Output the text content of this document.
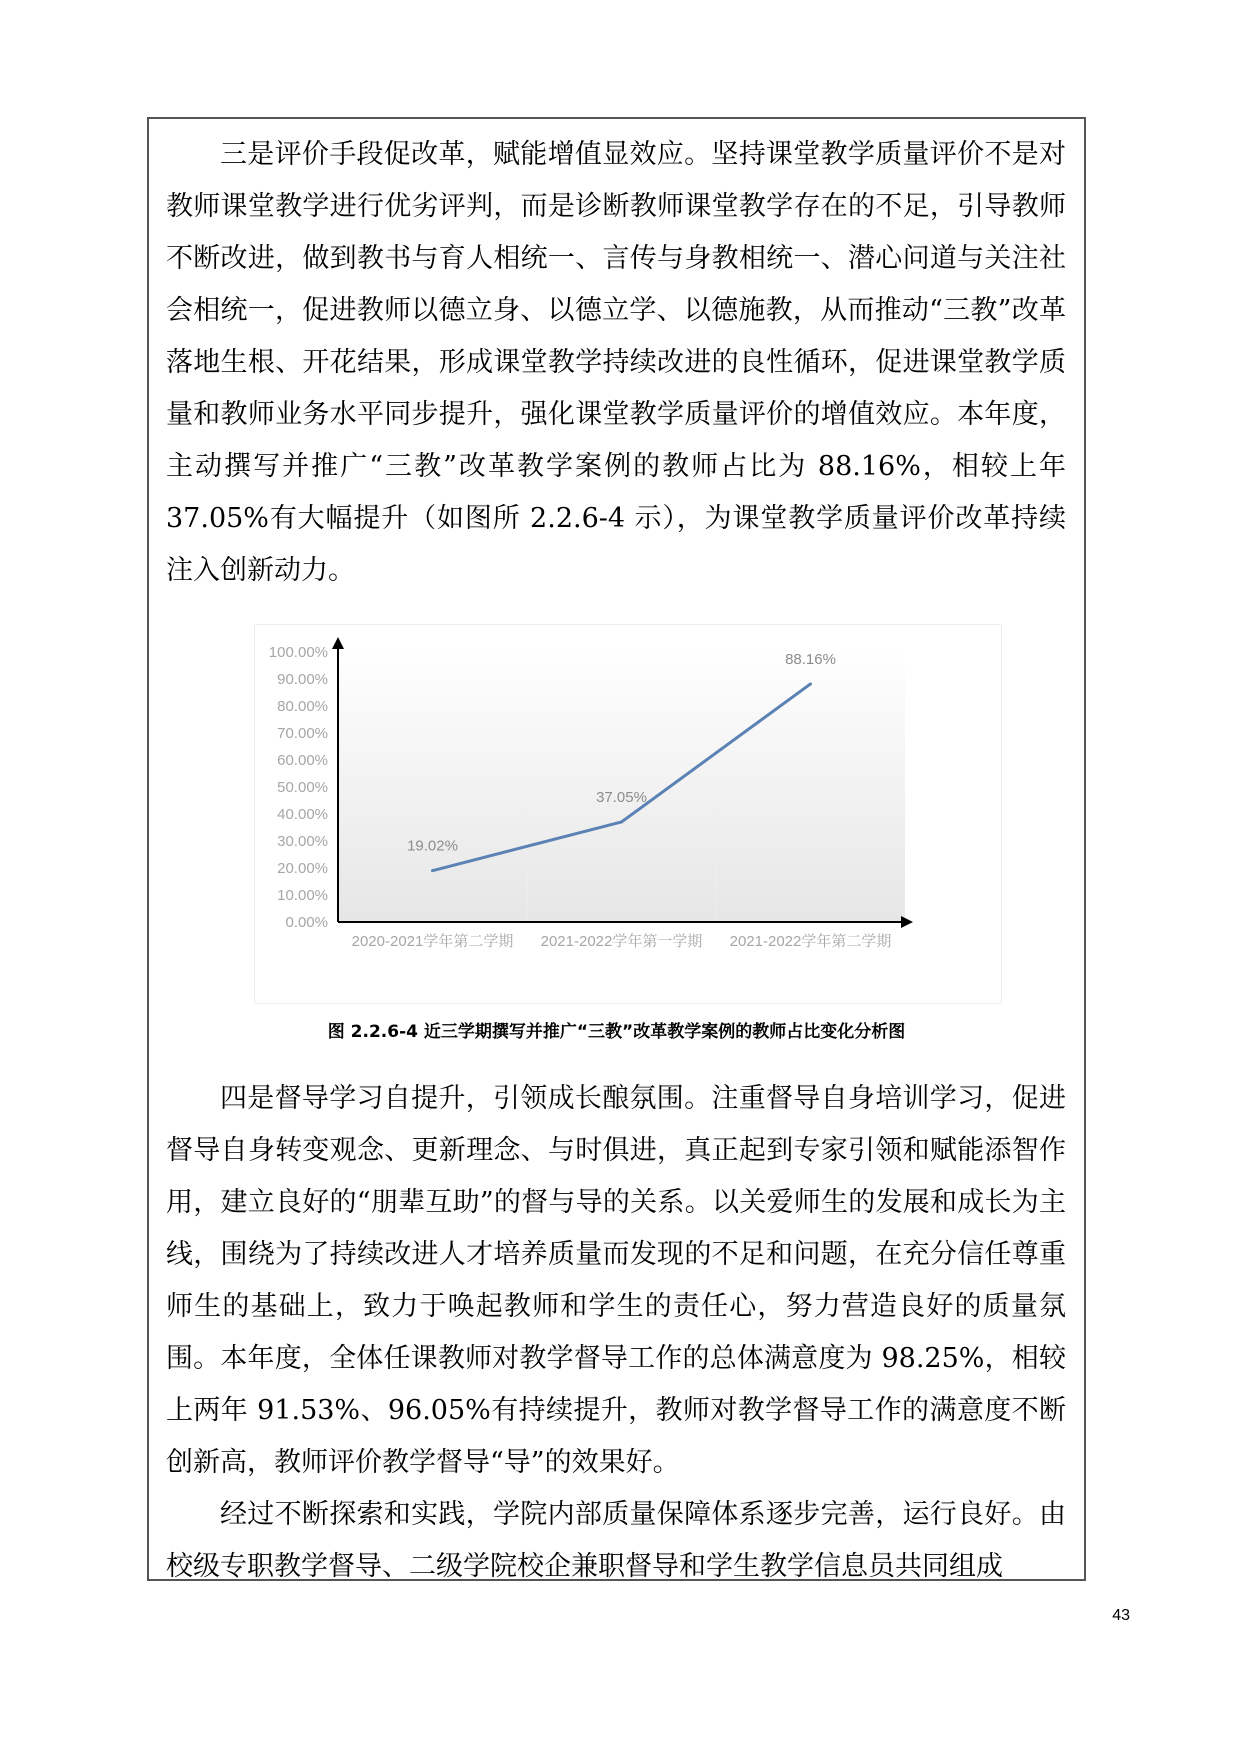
三是评价手段促改革，赋能增值显效应。坚持课堂教学质量评价不是对教师课堂教学进行优劣评判，而是诊断教师课堂教学存在的不足，引导教师不断改进，做到教书与育人相统一、言传与身教相统一、潜心问道与关注社会相统一，促进教师以德立身、以德立学、以德施教，从而推动“三教”改革落地生根、开花结果，形成课堂教学持续改进的良性循环，促进课堂教学质量和教师业务水平同步提升，强化课堂教学质量评价的增值效应。本年度，主动撰写并推广“三教”改革教学案例的教师占比为 88.16%，相较上年 37.05%有大幅提升（如图所 2.2.6-4 示），为课堂教学质量评价改革持续注入创新动力。

0.00%
10.00%
20.00%
30.00%
40.00%
50.00%
60.00%
70.00%
80.00%
90.00%
100.00%
2020-2021学年第二学期 2021-2022学年第一学期 2021-2022学年第二学期
19.02%
37.05%
88.16%

图 2.2.6-4 近三学期撰写并推广“三教”改革教学案例的教师占比变化分析图

四是督导学习自提升，引领成长酿氛围。注重督导自身培训学习，促进督导自身转变观念、更新理念、与时俱进，真正起到专家引领和赋能添智作用，建立良好的“朋辈互助”的督与导的关系。以关爱师生的发展和成长为主线，围绕为了持续改进人才培养质量而发现的不足和问题，在充分信任尊重师生的基础上，致力于唤起教师和学生的责任心，努力营造良好的质量氛围。本年度，全体任课教师对教学督导工作的总体满意度为 98.25%，相较上两年 91.53%、96.05%有持续提升，教师对教学督导工作的满意度不断创新高，教师评价教学督导“导”的效果好。

经过不断探索和实践，学院内部质量保障体系逐步完善，运行良好。由校级专职教学督导、二级学院校企兼职督导和学生教学信息员共同组成

43
